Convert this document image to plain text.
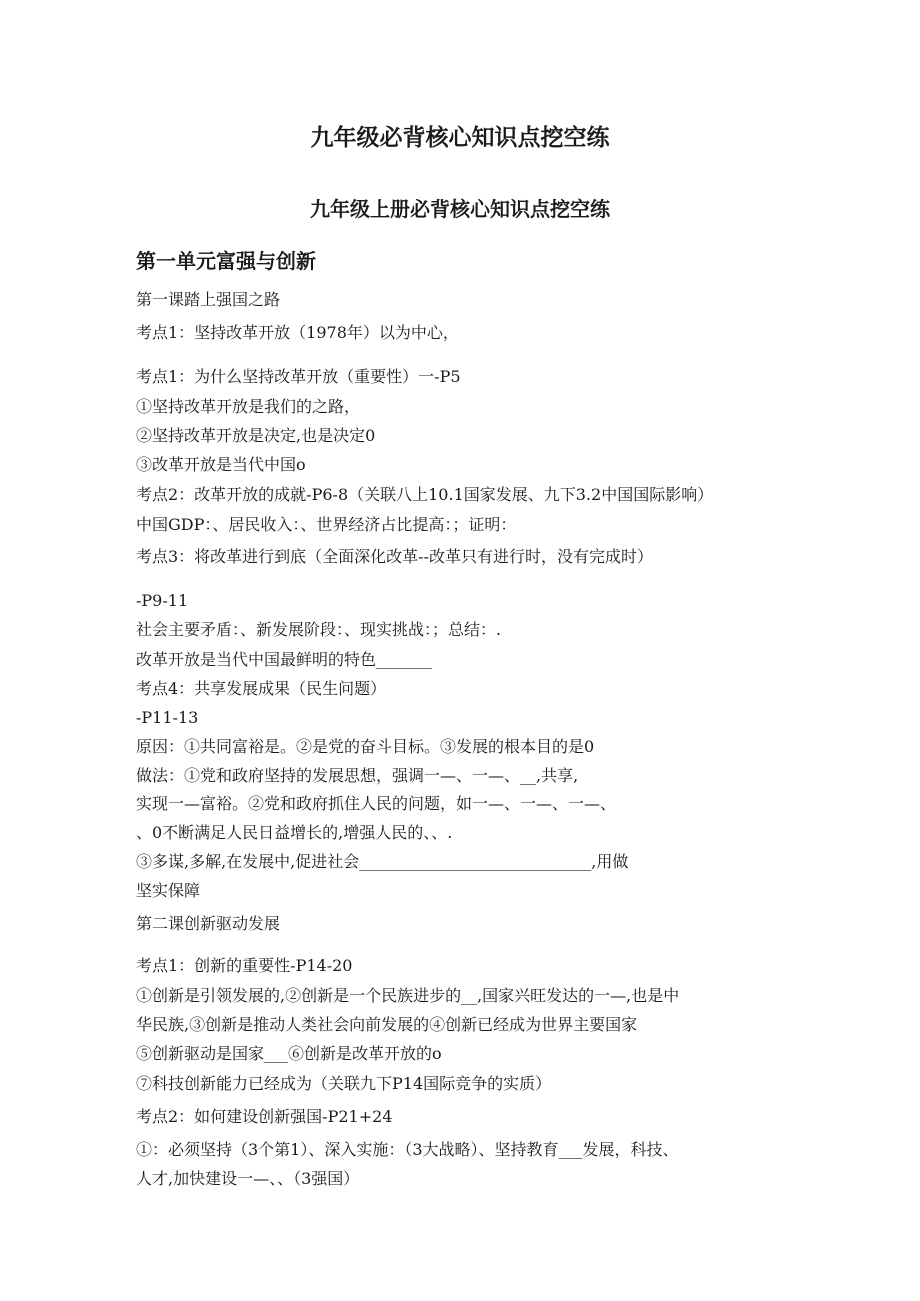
九年级必背核心知识点挖空练
九年级上册必背核心知识点挖空练
第一单元富强与创新
第一课踏上强国之路
考点1：坚持改革开放（1978年）以为中心，
考点1：为什么坚持改革开放（重要性）一-P5
①坚持改革开放是我们的之路，
②坚持改革开放是决定,也是决定0
③改革开放是当代中国o
考点2：改革开放的成就-P6-8（关联八上10.1国家发展、九下3.2中国国际影响）
中国GDP：、居民收入：、世界经济占比提高：；证明：
考点3：将改革进行到底（全面深化改革--改革只有进行时，没有完成时）
-P9-11
社会主要矛盾：、新发展阶段：、现实挑战：；总结：.
改革开放是当代中国最鲜明的特色_______
考点4：共享发展成果（民生问题）
-P11-13
原因：①共同富裕是。②是党的奋斗目标。③发展的根本目的是0
做法：①党和政府坚持的发展思想，强调一—、一—、__,共享,
实现一—富裕。②党和政府抓住人民的问题，如一—、一—、一—、
、0不断满足人民日益增长的,增强人民的、、.
③多谋,多解,在发展中,促进社会_____________________________,用做
坚实保障
第二课创新驱动发展
考点1：创新的重要性-P14-20
①创新是引领发展的,②创新是一个民族进步的__,国家兴旺发达的一—,也是中
华民族,③创新是推动人类社会向前发展的④创新已经成为世界主要国家
⑤创新驱动是国家___⑥创新是改革开放的o
⑦科技创新能力已经成为（关联九下P14国际竞争的实质）
考点2：如何建设创新强国-P21+24
①：必须坚持（3个第1）、深入实施：（3大战略）、坚持教育___发展，科技、
人才,加快建设一—、、（3强国）
